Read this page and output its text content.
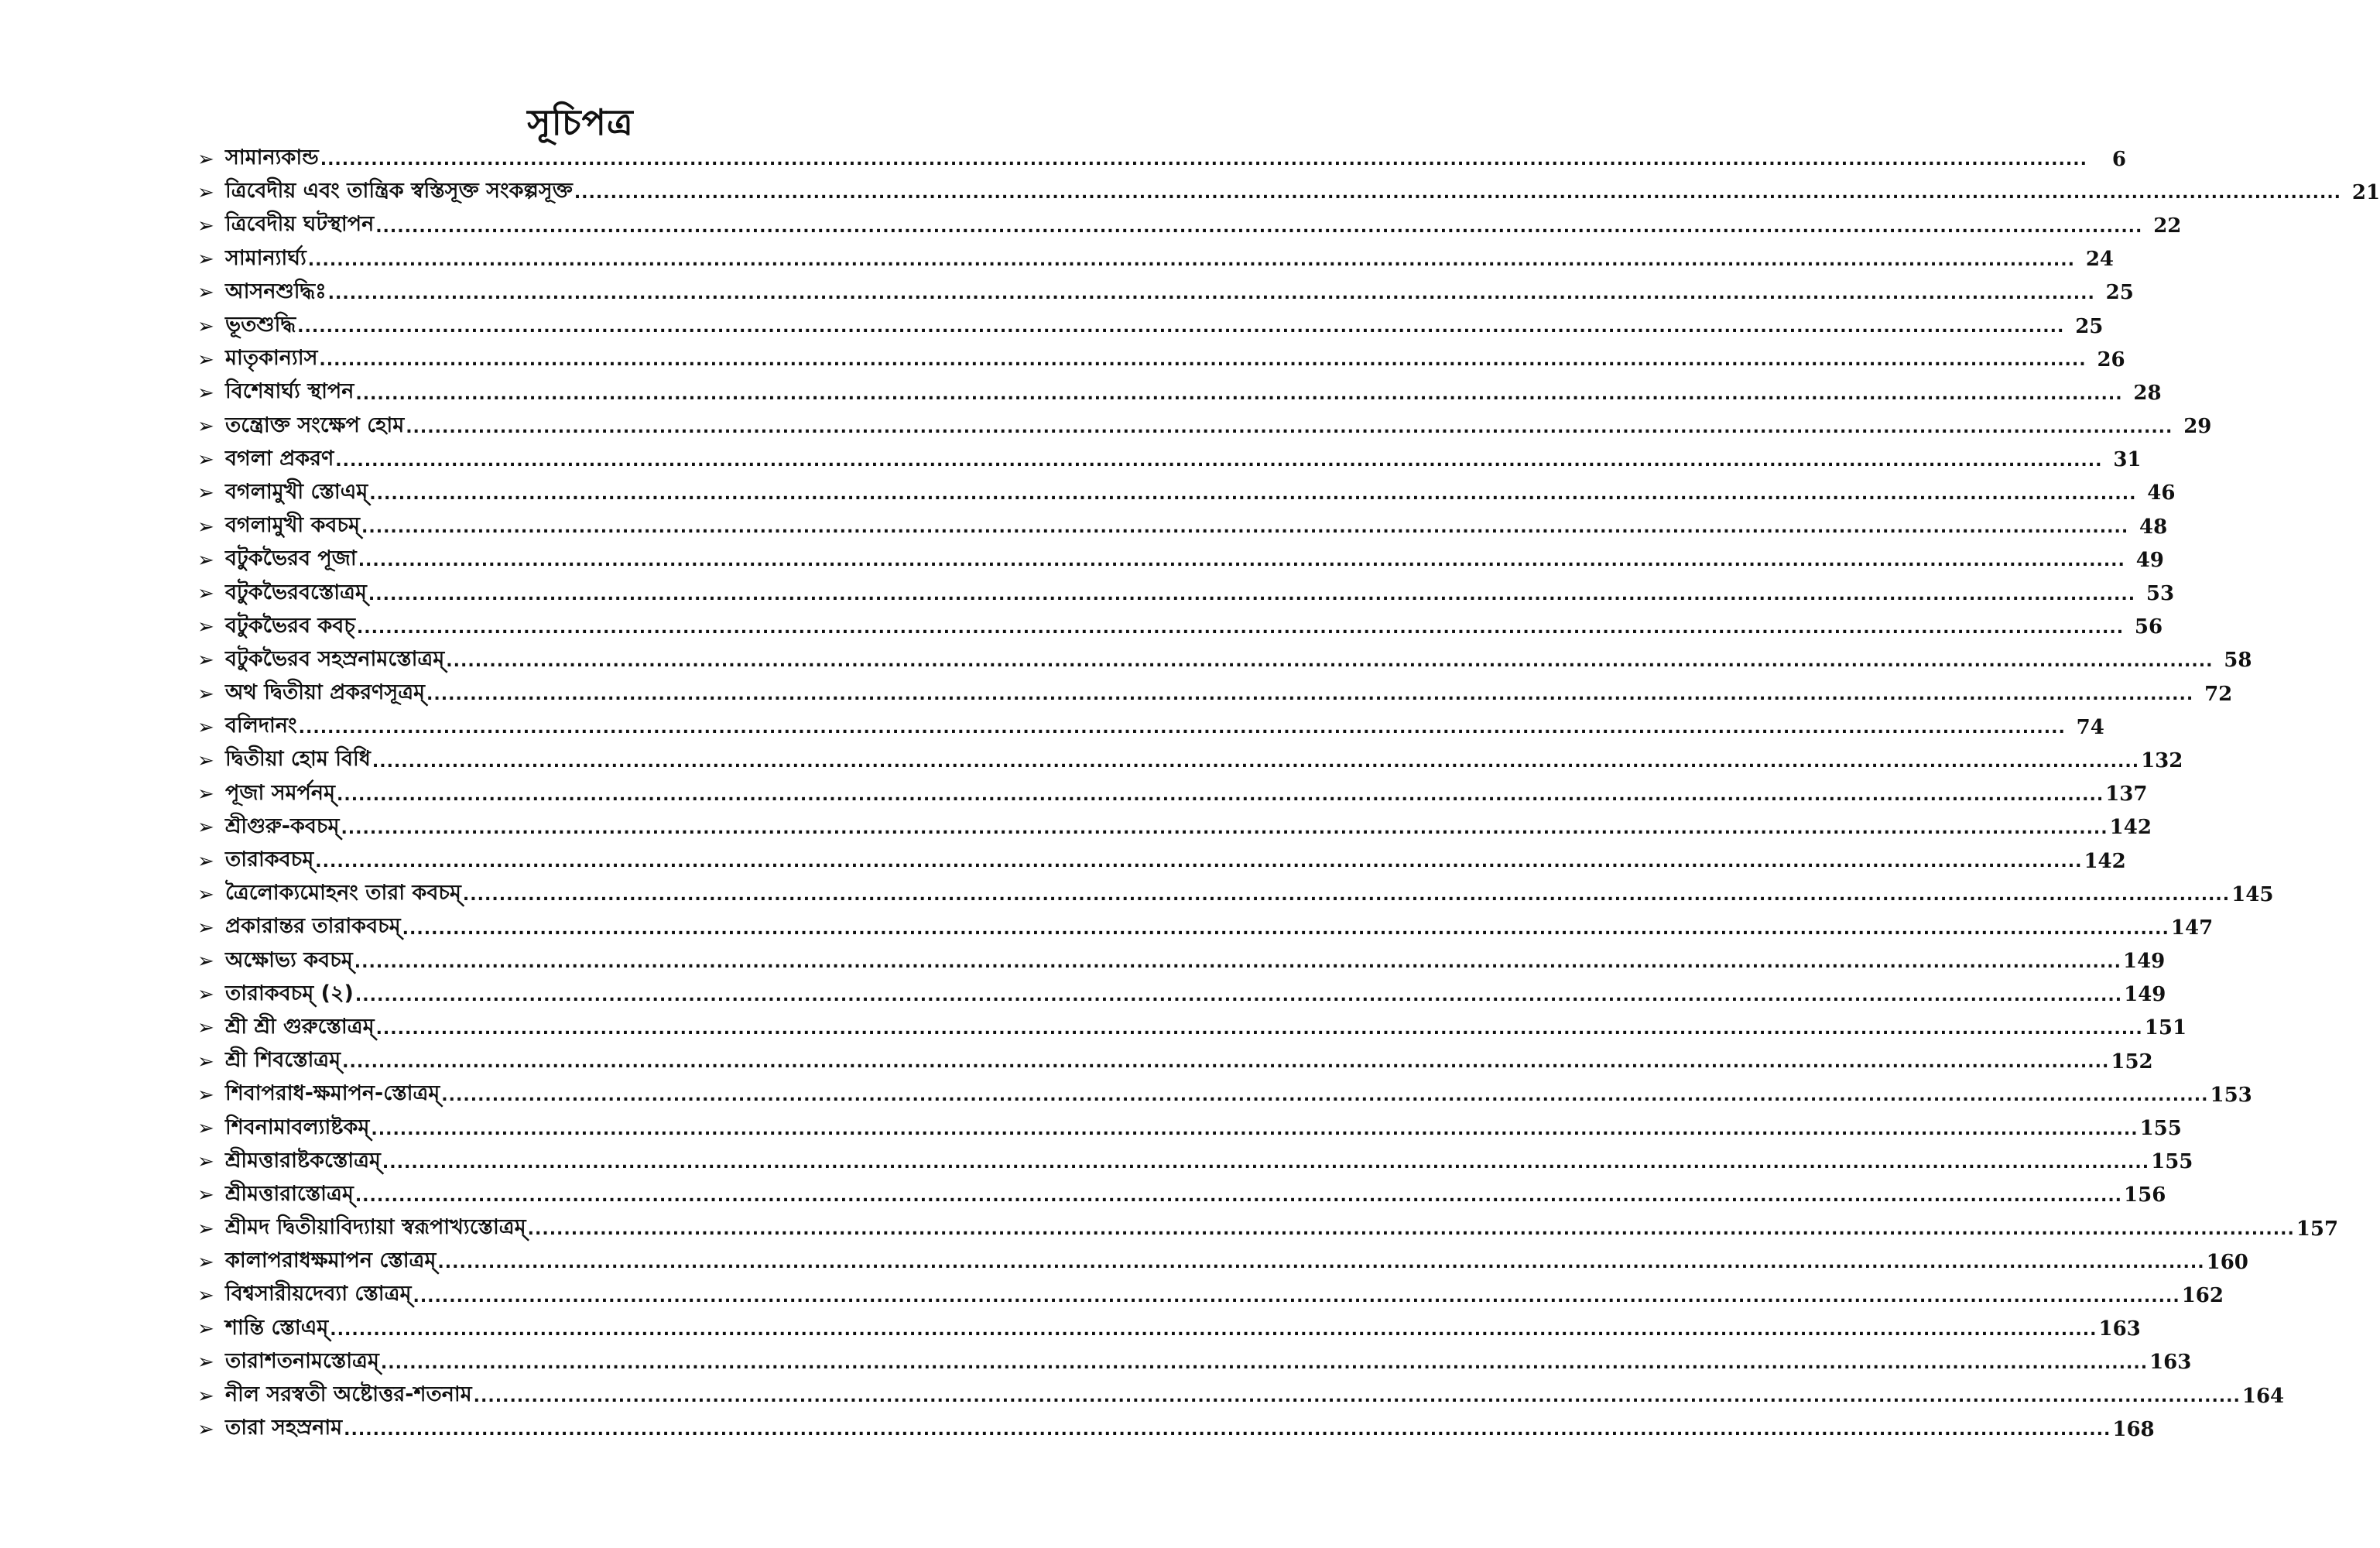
সূচিপত্র
➢ সামান্যকান্ড .....	6
➢ ত্রিবেদীয় এবং তান্ত্রিক স্বস্তিসূক্ত সংকল্পসূক্ত .....	21
➢ ত্রিবেদীয় ঘটস্থাপন .....	22
➢ সামান্যার্ঘ্য .....	24
➢ আসনশুদ্ধিঃ .....	25
➢ ভূতশুদ্ধি .....	25
➢ মাতৃকান্যাস .....	26
➢ বিশেষার্ঘ্য স্থাপন .....	28
➢ তন্ত্রোক্ত সংক্ষেপ হোম .....	29
➢ বগলা প্রকরণ .....	31
➢ বগলামুখী স্তোএম্ .....	46
➢ বগলামুখী কবচম্ .....	48
➢ বটুকভৈরব পূজা .....	49
➢ বটুকভৈরবস্তোত্রম্ .....	53
➢ বটুকভৈরব কবচ্ .....	56
➢ বটুকভৈরব সহস্রনামস্তোত্রম্ .....	58
➢ অথ দ্বিতীয়া প্রকরণসূত্রম্ .....	72
➢ বলিদানং .....	74
➢ দ্বিতীয়া হোম বিধি .....	132
➢ পূজা সমর্পনম্ .....	137
➢ শ্রীগুরু-কবচম্ .....	142
➢ তারাকবচম্ .....	142
➢ ত্রৈলোক্যমোহনং তারা কবচম্ .....	145
➢ প্রকারান্তর তারাকবচম্ .....	147
➢ অক্ষোভ্য কবচম্ .....	149
➢ তারাকবচম্ (২) .....	149
➢ শ্রী শ্রী গুরুস্তোত্রম্ .....	151
➢ শ্রী শিবস্তোত্রম্ .....	152
➢ শিবাপরাধ-ক্ষমাপন-স্তোত্রম্ .....	153
➢ শিবনামাবল্যাষ্টকম্ .....	155
➢ শ্রীমত্তারাষ্টকস্তোত্রম্ .....	155
➢ শ্রীমত্তারাস্তোত্রম্ .....	156
➢ শ্রীমদ দ্বিতীয়াবিদ্যায়া স্বরূপাখ্যস্তোত্রম্ .....	157
➢ কালাপরাধক্ষমাপন স্তোত্রম্ .....	160
➢ বিশ্বসারীয়দেব্যা স্তোত্রম্ .....	162
➢ শান্তি স্তোএম্ .....	163
➢ তারাশতনামস্তোত্রম্ .....	163
➢ নীল সরস্বতী অষ্টোত্তর-শতনাম .....	164
➢ তারা সহস্রনাম .....	168
